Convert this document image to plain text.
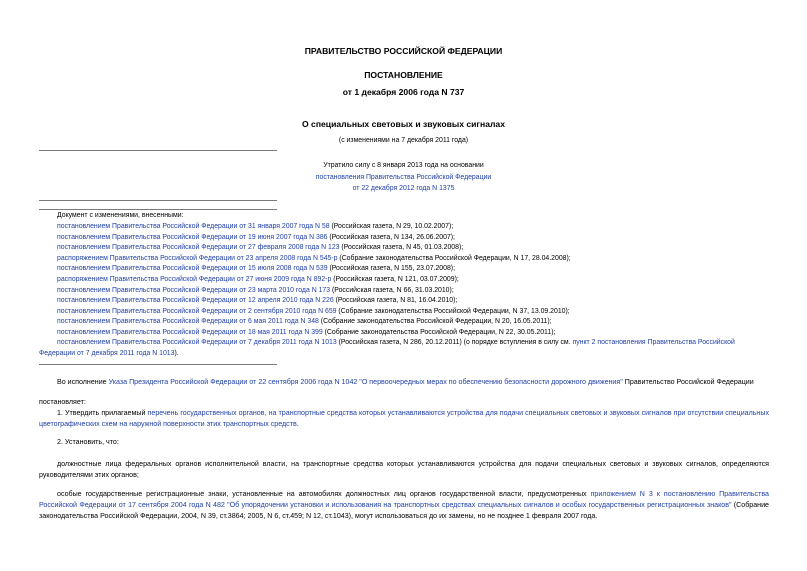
ПРАВИТЕЛЬСТВО РОССИЙСКОЙ ФЕДЕРАЦИИ
ПОСТАНОВЛЕНИЕ
от 1 декабря 2006 года N 737
О специальных световых и звуковых сигналах
(с изменениями на 7 декабря 2011 года)
Утратило силу с 8 января 2013 года на основании
постановления Правительства Российской Федерации
от 22 декабря 2012 года N 1375
Документ с изменениями, внесенными:
постановлением Правительства Российской Федерации от 31 января 2007 года N 58 (Российская газета, N 29, 10.02.2007);
постановлением Правительства Российской Федерации от 19 июня 2007 года N 386 (Российская газета, N 134, 26.06.2007);
постановлением Правительства Российской Федерации от 27 февраля 2008 года N 123 (Российская газета, N 45, 01.03.2008);
распоряжением Правительства Российской Федерации от 23 апреля 2008 года N 545-р (Собрание законодательства Российской Федерации, N 17, 28.04.2008);
постановлением Правительства Российской Федерации от 15 июля 2008 года N 539 (Российская газета, N 155, 23.07.2008);
распоряжением Правительства Российской Федерации от 27 июня 2009 года N 892-р (Российская газета, N 121, 03.07.2009);
постановлением Правительства Российской Федерации от 23 марта 2010 года N 173 (Российская газета, N 66, 31.03.2010);
постановлением Правительства Российской Федерации от 12 апреля 2010 года N 226 (Российская газета, N 81, 16.04.2010);
постановлением Правительства Российской Федерации от 2 сентября 2010 года N 659 (Собрание законодательства Российской Федерации, N 37, 13.09.2010);
постановлением Правительства Российской Федерации от 6 мая 2011 года N 348 (Собрание законодательства Российской Федерации, N 20, 16.05.2011);
постановлением Правительства Российской Федерации от 18 мая 2011 года N 399 (Собрание законодательства Российской Федерации, N 22, 30.05.2011);
постановлением Правительства Российской Федерации от 7 декабря 2011 года N 1013 (Российская газета, N 286, 20.12.2011) (о порядке вступления в силу см. пункт 2 постановления Правительства Российской
Федерации от 7 декабря 2011 года N 1013).
Во исполнение Указа Президента Российской Федерации от 22 сентября 2006 года N 1042 "О первоочередных мерах по обеспечению безопасности дорожного движения" Правительство Российской Федерации
постановляет:
1. Утвердить прилагаемый перечень государственных органов, на транспортные средства которых устанавливаются устройства для подачи специальных световых и звуковых сигналов при отсутствии специальных цветографических схем на наружной поверхности этих транспортных средств.
2. Установить, что:
должностные лица федеральных органов исполнительной власти, на транспортные средства которых устанавливаются устройства для подачи специальных световых и звуковых сигналов, определяются руководителями этих органов;
особые государственные регистрационные знаки, установленные на автомобилях должностных лиц органов государственной власти, предусмотренных приложением N 3 к постановлению Правительства Российской Федерации от 17 сентября 2004 года N 482 "Об упорядочении установки и использования на транспортных средствах специальных сигналов и особых государственных регистрационных знаков" (Собрание законодательства Российской Федерации, 2004, N 39, ст.3864; 2005, N 6, ст.459; N 12, ст.1043), могут использоваться до их замены, но не позднее 1 февраля 2007 года.
